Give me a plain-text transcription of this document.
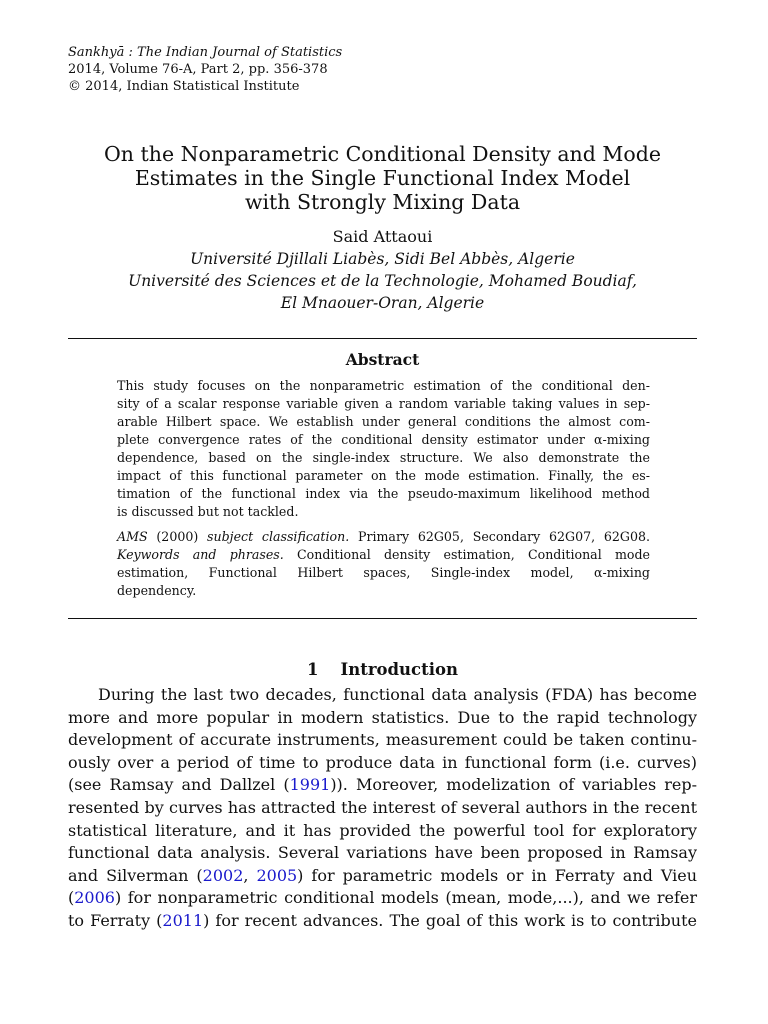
Sankhyā : The Indian Journal of Statistics
2014, Volume 76-A, Part 2, pp. 356-378
© 2014, Indian Statistical Institute
On the Nonparametric Conditional Density and Mode
Estimates in the Single Functional Index Model
with Strongly Mixing Data
Said Attaoui
Université Djillali Liabès, Sidi Bel Abbès, Algerie
Université des Sciences et de la Technologie, Mohamed Boudiaf,
El Mnaouer-Oran, Algerie
Abstract
This study focuses on the nonparametric estimation of the conditional den-
sity of a scalar response variable given a random variable taking values in sep-
arable Hilbert space. We establish under general conditions the almost com-
plete convergence rates of the conditional density estimator under α-mixing
dependence, based on the single-index structure. We also demonstrate the
impact of this functional parameter on the mode estimation. Finally, the es-
timation of the functional index via the pseudo-maximum likelihood method
is discussed but not tackled.
AMS (2000) subject classification. Primary 62G05, Secondary 62G07, 62G08.
Keywords and phrases. Conditional density estimation, Conditional mode
estimation, Functional Hilbert spaces, Single-index model, α-mixing
dependency.
1 Introduction
During the last two decades, functional data analysis (FDA) has become
more and more popular in modern statistics. Due to the rapid technology
development of accurate instruments, measurement could be taken continu-
ously over a period of time to produce data in functional form (i.e. curves)
(see Ramsay and Dallzel (1991)). Moreover, modelization of variables rep-
resented by curves has attracted the interest of several authors in the recent
statistical literature, and it has provided the powerful tool for exploratory
functional data analysis. Several variations have been proposed in Ramsay
and Silverman (2002, 2005) for parametric models or in Ferraty and Vieu
(2006) for nonparametric conditional models (mean, mode,...), and we refer
to Ferraty (2011) for recent advances. The goal of this work is to contribute
